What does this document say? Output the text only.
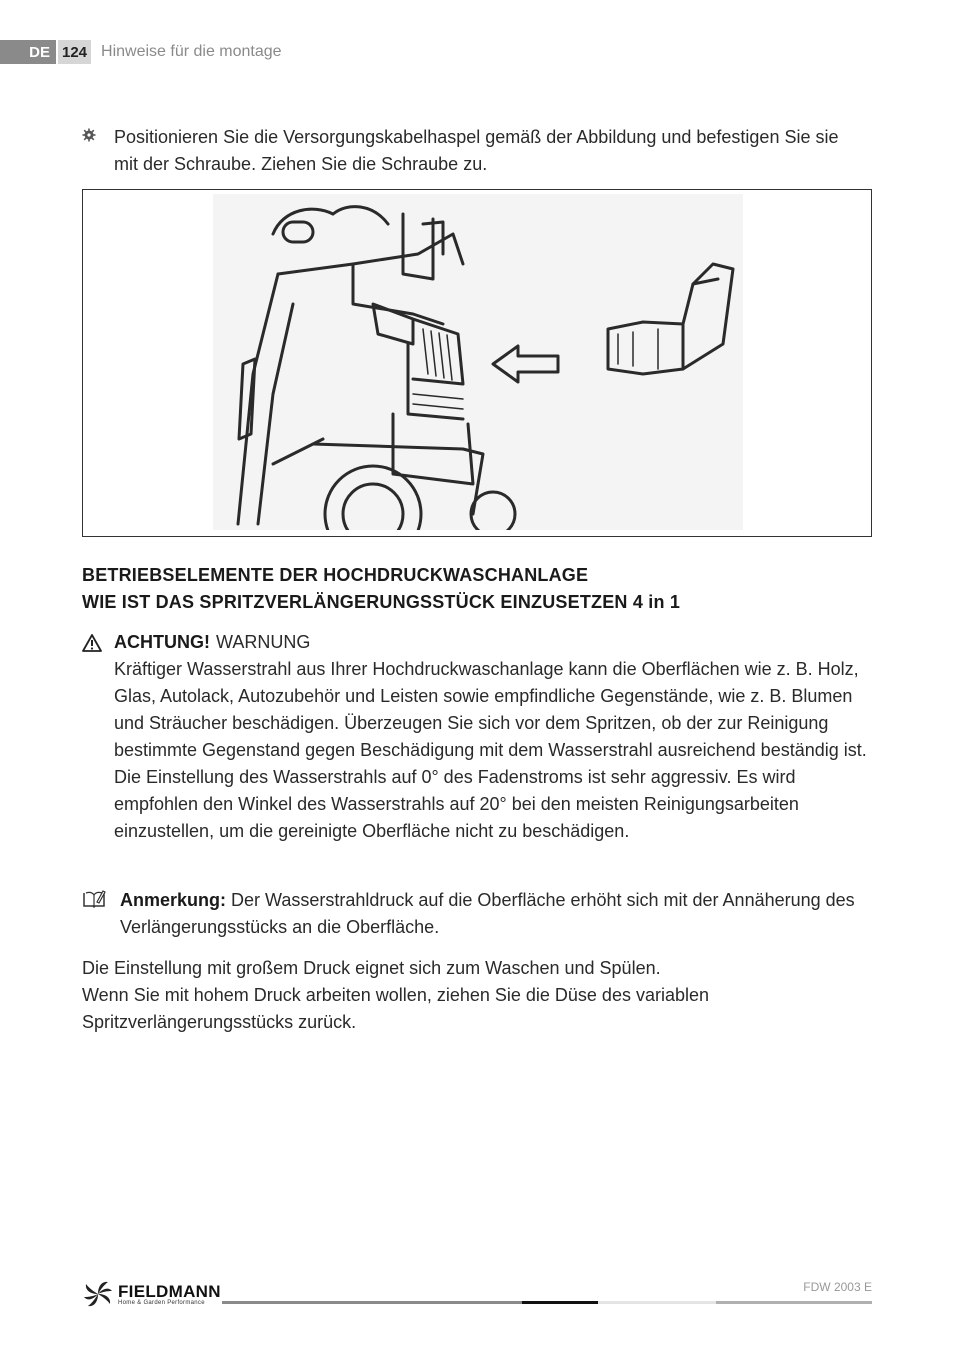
DE 124 Hinweise für die montage
Positionieren Sie die Versorgungskabelhaspel gemäß der Abbildung und befestigen Sie sie mit der Schraube. Ziehen Sie die Schraube zu.
BETRIEBSELEMENTE DER HOCHDRUCKWASCHANLAGE
WIE IST DAS SPRITZVERLÄNGERUNGSSTÜCK EINZUSETZEN 4 in 1
ACHTUNG! WARNUNG
Kräftiger Wasserstrahl aus Ihrer Hochdruckwaschanlage kann die Oberflächen wie z. B. Holz, Glas, Autolack, Autozubehör und Leisten sowie empfindliche Gegenstände, wie z. B. Blumen und Sträucher beschädigen. Überzeugen Sie sich vor dem Spritzen, ob der zur Reinigung bestimmte Gegenstand gegen Beschädigung mit dem Wasserstrahl ausreichend beständig ist. Die Einstellung des Wasserstrahls auf 0° des Fadenstroms ist sehr aggressiv. Es wird empfohlen den Winkel des Wasserstrahls auf 20° bei den meisten Reinigungsarbeiten einzustellen, um die gereinigte Oberfläche nicht zu beschädigen.
Anmerkung: Der Wasserstrahldruck auf die Oberfläche erhöht sich mit der Annäherung des Verlängerungsstücks an die Oberfläche.
Die Einstellung mit großem Druck eignet sich zum Waschen und Spülen.
Wenn Sie mit hohem Druck arbeiten wollen, ziehen Sie die Düse des variablen
Spritzverlängerungsstücks zurück.
FIELDMANN
Home & Garden Performance
FDW 2003 E
